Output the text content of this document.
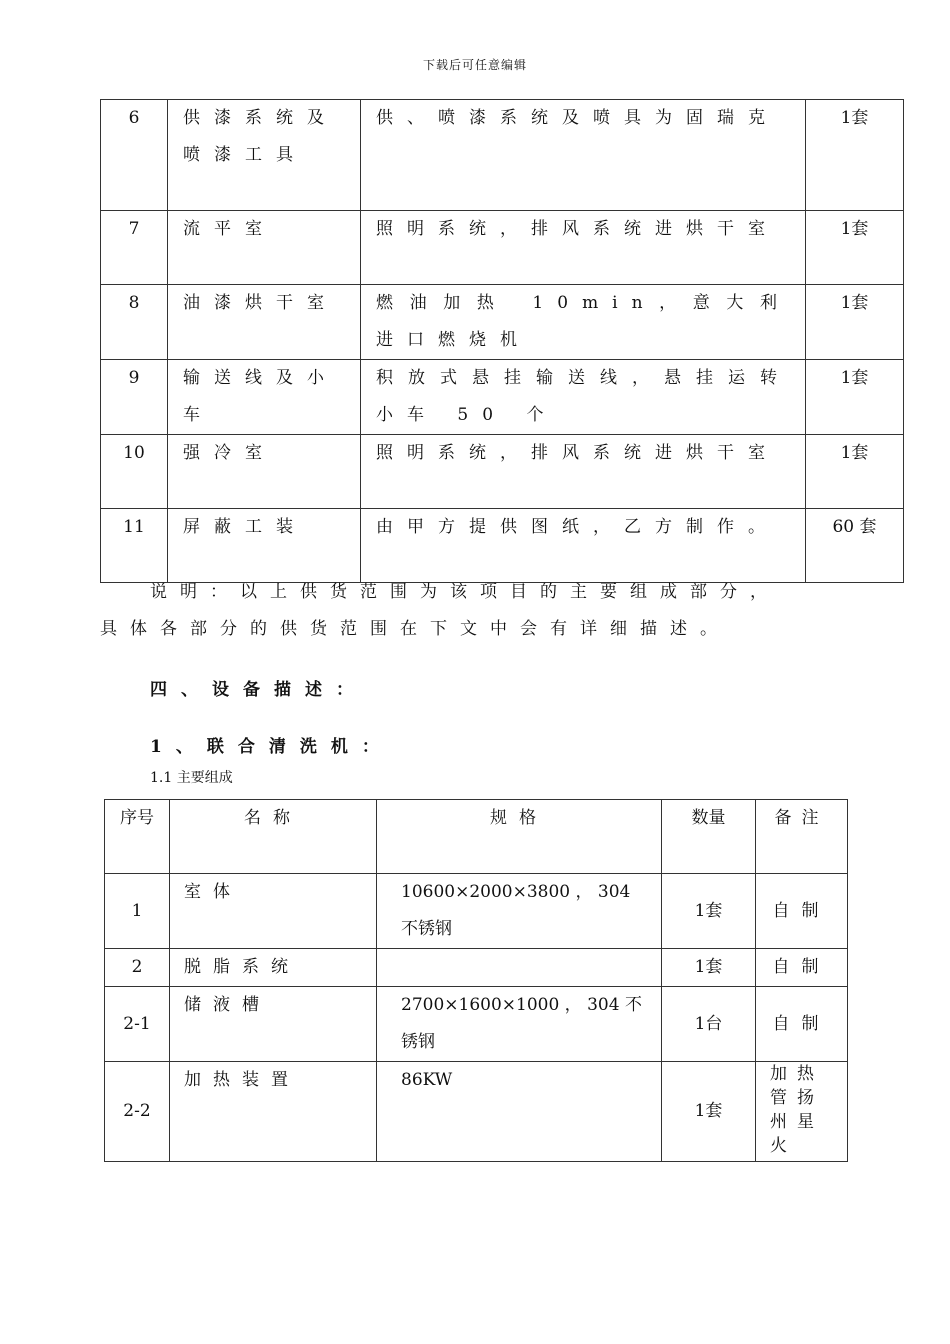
下载后可任意编辑
6	供漆系统及喷漆工具	供、喷漆系统及喷具为固瑞克	1套
7	流平室	照明系统，排风系统进烘干室	1套
8	油漆烘干室	燃油加热 10min，意大利进口燃烧机	1套
9	输送线及小车	积放式悬挂输送线，悬挂运转小车 50 个	1套
10	强冷室	照明系统，排风系统进烘干室	1套
11	屏蔽工装	由甲方提供图纸，乙方制作。	60 套
说明：以上供货范围为该项目的主要组成部分，
具体各部分的供货范围在下文中会有详细描述。
四、设备描述：
1、联合清洗机：
1.1 主要组成
序号	名称	规格	数量	备注
1	室体	10600×2000×3800 ， 304 不锈钢	1套	自制
2	脱脂系统		1套	自制
2-1	储液槽	2700×1600×1000 ， 304 不锈钢	1台	自制
2-2	加热装置	86KW	1套	加热管扬州星火
